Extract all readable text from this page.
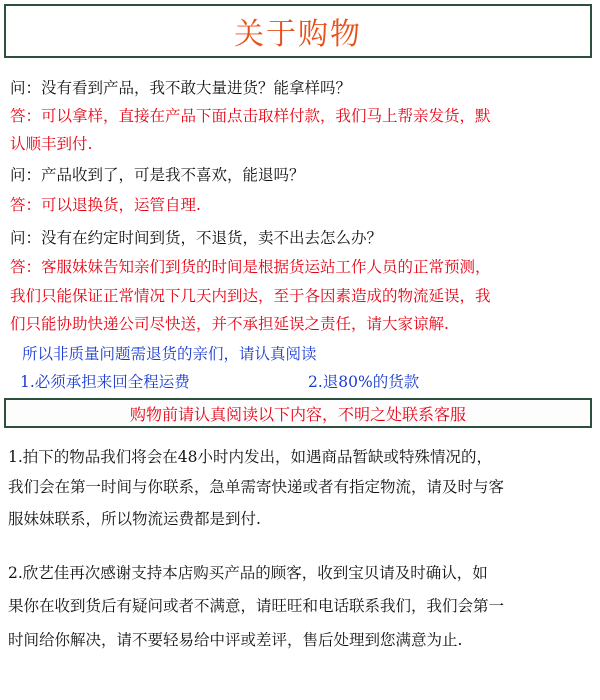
关于购物
问：没有看到产品，我不敢大量进货？能拿样吗？
答：可以拿样，直接在产品下面点击取样付款，我们马上帮亲发货，默
认顺丰到付.
问：产品收到了，可是我不喜欢，能退吗？
答：可以退换货，运管自理.
问：没有在约定时间到货，不退货，卖不出去怎么办？
答：客服妹妹告知亲们到货的时间是根据货运站工作人员的正常预测，
我们只能保证正常情况下几天内到达，至于各因素造成的物流延误，我
们只能协助快递公司尽快送，并不承担延误之责任，请大家谅解.
所以非质量问题需退货的亲们，请认真阅读
1.必须承担来回全程运费	2.退80%的货款
购物前请认真阅读以下内容，不明之处联系客服
1.拍下的物品我们将会在48小时内发出，如遇商品暂缺或特殊情况的，
我们会在第一时间与你联系，急单需寄快递或者有指定物流，请及时与客
服妹妹联系，所以物流运费都是到付.
2.欣艺佳再次感谢支持本店购买产品的顾客，收到宝贝请及时确认，如
果你在收到货后有疑问或者不满意，请旺旺和电话联系我们，我们会第一
时间给你解决，请不要轻易给中评或差评，售后处理到您满意为止.
